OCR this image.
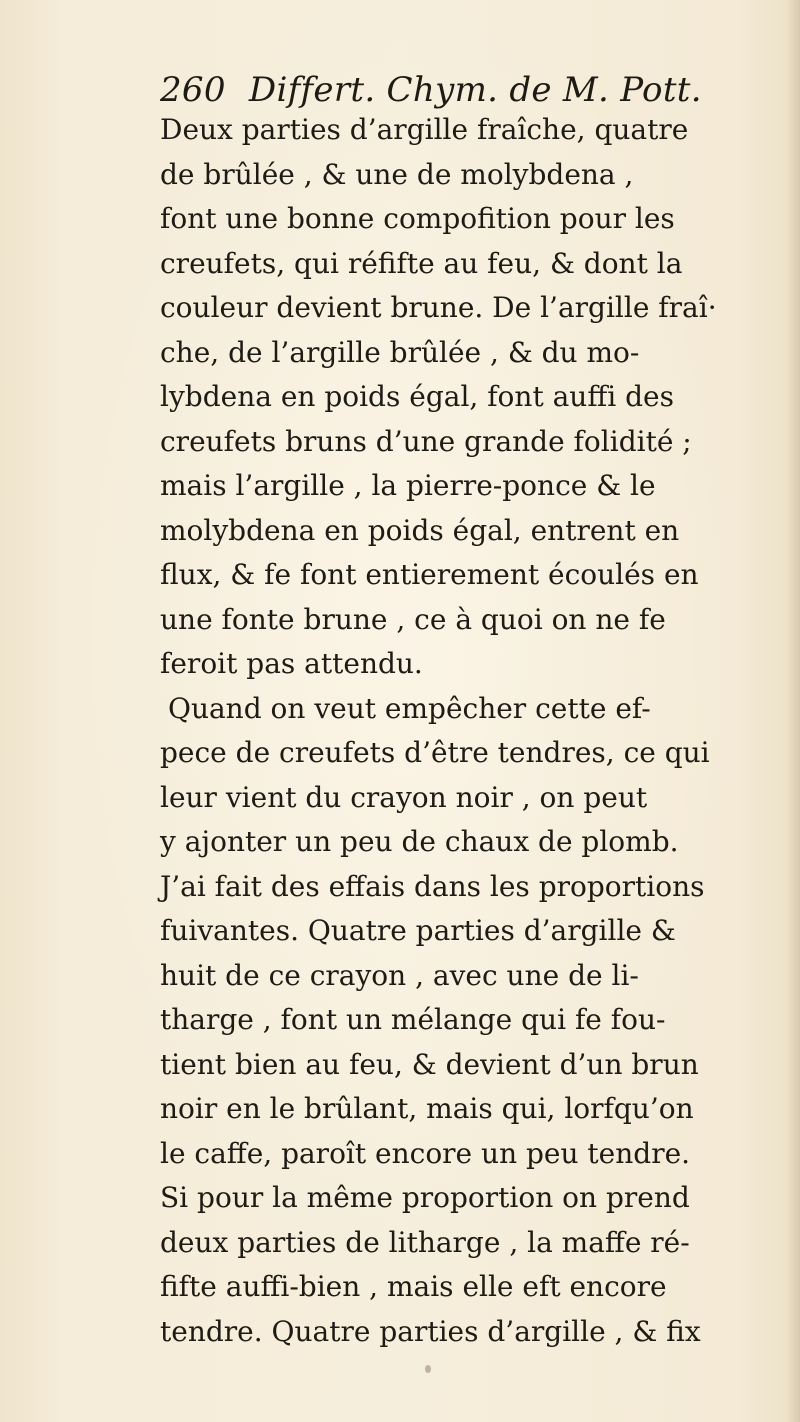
260 Differt. Chym. de M. Pott.
Deux parties d’argille fraîche, quatre
de brûlée , & une de molybdena ,
font une bonne compofition pour les
creufets, qui réfifte au feu, & dont la
couleur devient brune. De l’argille fraî·
che, de l’argille brûlée , & du mo-
lybdena en poids égal, font auffi des
creufets bruns d’une grande folidité ;
mais l’argille , la pierre-ponce & le
molybdena en poids égal, entrent en
flux, & fe font entierement écoulés en
une fonte brune , ce à quoi on ne fe
feroit pas attendu.
Quand on veut empêcher cette ef-
pece de creufets d’être tendres, ce qui
leur vient du crayon noir , on peut
y ajonter un peu de chaux de plomb.
J’ai fait des effais dans les proportions
fuivantes. Quatre parties d’argille &
huit de ce crayon , avec une de li-
tharge , font un mélange qui fe fou-
tient bien au feu, & devient d’un brun
noir en le brûlant, mais qui, lorfqu’on
le caffe, paroît encore un peu tendre.
Si pour la même proportion on prend
deux parties de litharge , la maffe ré-
fifte auffi-bien , mais elle eft encore
tendre. Quatre parties d’argille , & fix
